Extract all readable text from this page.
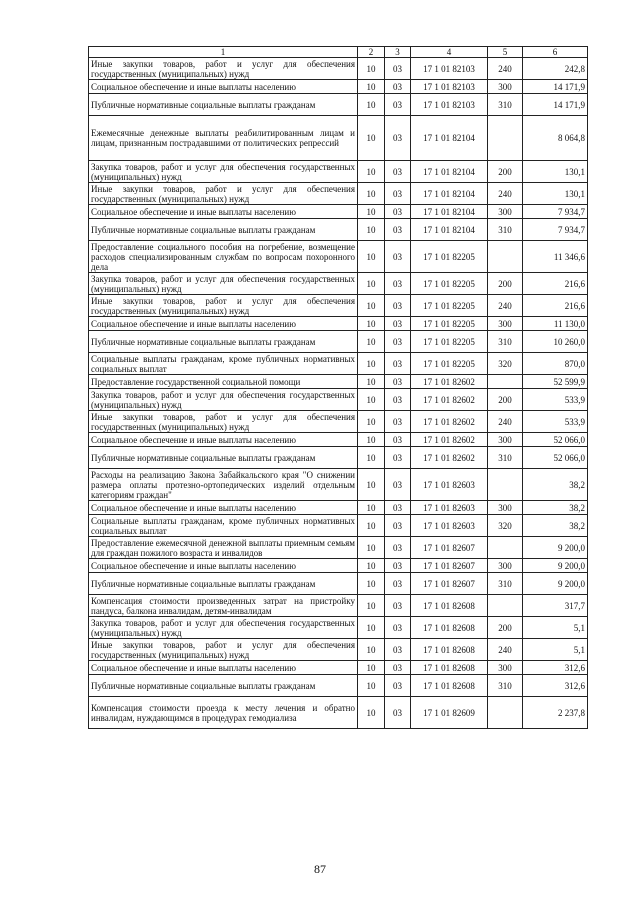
1	2	3	4	5	6
Иные закупки товаров, работ и услуг для обеспечения государственных (муниципальных) нужд	10	03	17 1 01 82103	240	242,8
Социальное обеспечение и иные выплаты населению	10	03	17 1 01 82103	300	14 171,9
Публичные нормативные социальные выплаты гражданам	10	03	17 1 01 82103	310	14 171,9
Ежемесячные денежные выплаты реабилитированным лицам и лицам, признанным пострадавшими от политических репрессий	10	03	17 1 01 82104		8 064,8
Закупка товаров, работ и услуг для обеспечения государственных (муниципальных) нужд	10	03	17 1 01 82104	200	130,1
Иные закупки товаров, работ и услуг для обеспечения государственных (муниципальных) нужд	10	03	17 1 01 82104	240	130,1
Социальное обеспечение и иные выплаты населению	10	03	17 1 01 82104	300	7 934,7
Публичные нормативные социальные выплаты гражданам	10	03	17 1 01 82104	310	7 934,7
Предоставление социального пособия на погребение, возмещение расходов специализированным службам по вопросам похоронного дела	10	03	17 1 01 82205		11 346,6
Закупка товаров, работ и услуг для обеспечения государственных (муниципальных) нужд	10	03	17 1 01 82205	200	216,6
Иные закупки товаров, работ и услуг для обеспечения государственных (муниципальных) нужд	10	03	17 1 01 82205	240	216,6
Социальное обеспечение и иные выплаты населению	10	03	17 1 01 82205	300	11 130,0
Публичные нормативные социальные выплаты гражданам	10	03	17 1 01 82205	310	10 260,0
Социальные выплаты гражданам, кроме публичных нормативных социальных выплат	10	03	17 1 01 82205	320	870,0
Предоставление государственной социальной помощи	10	03	17 1 01 82602		52 599,9
Закупка товаров, работ и услуг для обеспечения государственных (муниципальных) нужд	10	03	17 1 01 82602	200	533,9
Иные закупки товаров, работ и услуг для обеспечения государственных (муниципальных) нужд	10	03	17 1 01 82602	240	533,9
Социальное обеспечение и иные выплаты населению	10	03	17 1 01 82602	300	52 066,0
Публичные нормативные социальные выплаты гражданам	10	03	17 1 01 82602	310	52 066,0
Расходы на реализацию Закона Забайкальского края "О снижении размера оплаты протезно-ортопедических изделий отдельным категориям граждан"	10	03	17 1 01 82603		38,2
Социальное обеспечение и иные выплаты населению	10	03	17 1 01 82603	300	38,2
Социальные выплаты гражданам, кроме публичных нормативных социальных выплат	10	03	17 1 01 82603	320	38,2
Предоставление ежемесячной денежной выплаты приемным семьям для граждан пожилого возраста и инвалидов	10	03	17 1 01 82607		9 200,0
Социальное обеспечение и иные выплаты населению	10	03	17 1 01 82607	300	9 200,0
Публичные нормативные социальные выплаты гражданам	10	03	17 1 01 82607	310	9 200,0
Компенсация стоимости произведенных затрат на пристройку пандуса, балкона инвалидам, детям-инвалидам	10	03	17 1 01 82608		317,7
Закупка товаров, работ и услуг для обеспечения государственных (муниципальных) нужд	10	03	17 1 01 82608	200	5,1
Иные закупки товаров, работ и услуг для обеспечения государственных (муниципальных) нужд	10	03	17 1 01 82608	240	5,1
Социальное обеспечение и иные выплаты населению	10	03	17 1 01 82608	300	312,6
Публичные нормативные социальные выплаты гражданам	10	03	17 1 01 82608	310	312,6
Компенсация стоимости проезда к месту лечения и обратно инвалидам, нуждающимся в процедурах гемодиализа	10	03	17 1 01 82609		2 237,8
87
